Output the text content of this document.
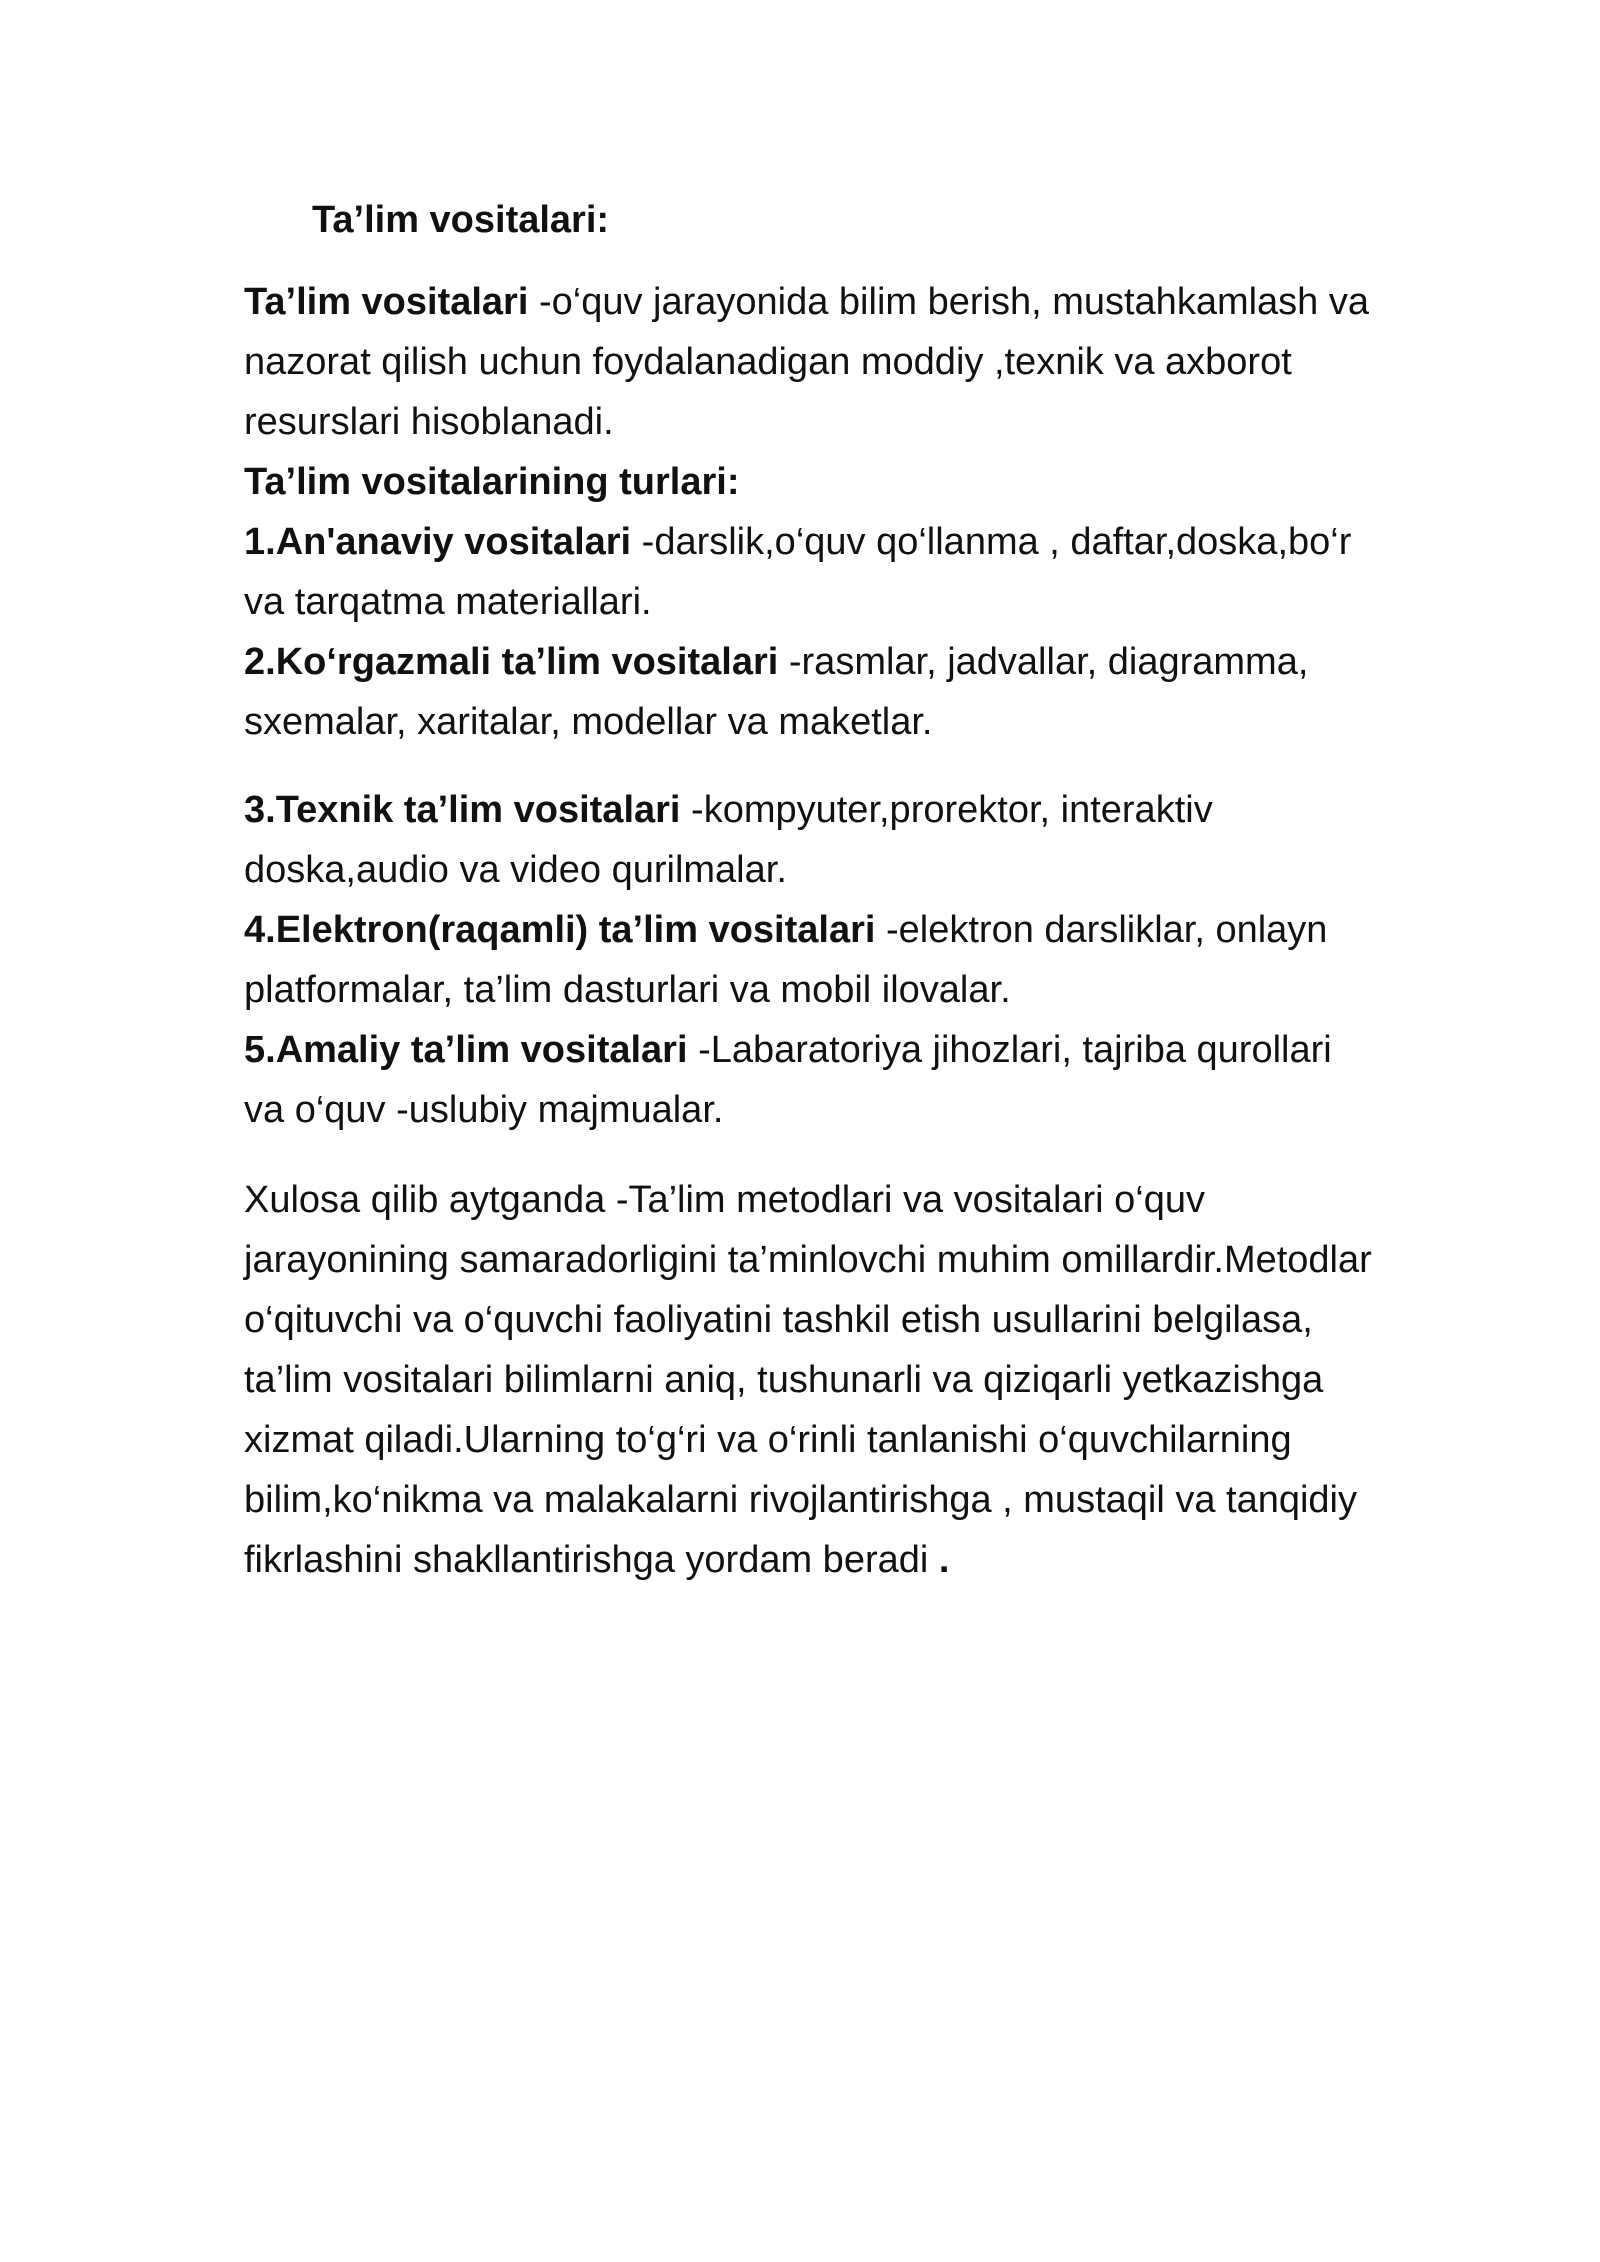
Ta’lim vositalari:

Ta’lim vositalari -o‘quv jarayonida bilim berish, mustahkamlash va nazorat qilish uchun foydalanadigan moddiy ,texnik va axborot resurslari hisoblanadi.

Ta’lim vositalarining turlari:

1.An'anaviy vositalari -darslik,o‘quv qo‘llanma , daftar,doska,bo‘r va tarqatma materiallari.

2.Ko‘rgazmali ta’lim vositalari -rasmlar, jadvallar, diagramma, sxemalar, xaritalar, modellar va maketlar.

3.Texnik ta’lim vositalari -kompyuter,prorektor, interaktiv doska,audio va video qurilmalar.

4.Elektron(raqamli) ta’lim vositalari -elektron darsliklar, onlayn platformalar, ta’lim dasturlari va mobil ilovalar.

5.Amaliy ta’lim vositalari -Labaratoriya jihozlari, tajriba qurollari va o‘quv -uslubiy majmualar.

Xulosa qilib aytganda -Ta’lim metodlari va vositalari o‘quv jarayonining samaradorligini ta’minlovchi muhim omillardir.Metodlar o‘qituvchi va o‘quvchi faoliyatini tashkil etish usullarini belgilasa, ta’lim vositalari bilimlarni aniq, tushunarli va qiziqarli yetkazishga xizmat qiladi.Ularning to‘g‘ri va o‘rinli tanlanishi o‘quvchilarning bilim,ko‘nikma va malakalarni rivojlantirishga , mustaqil va tanqidiy fikrlashini shakllantirishga yordam beradi .
